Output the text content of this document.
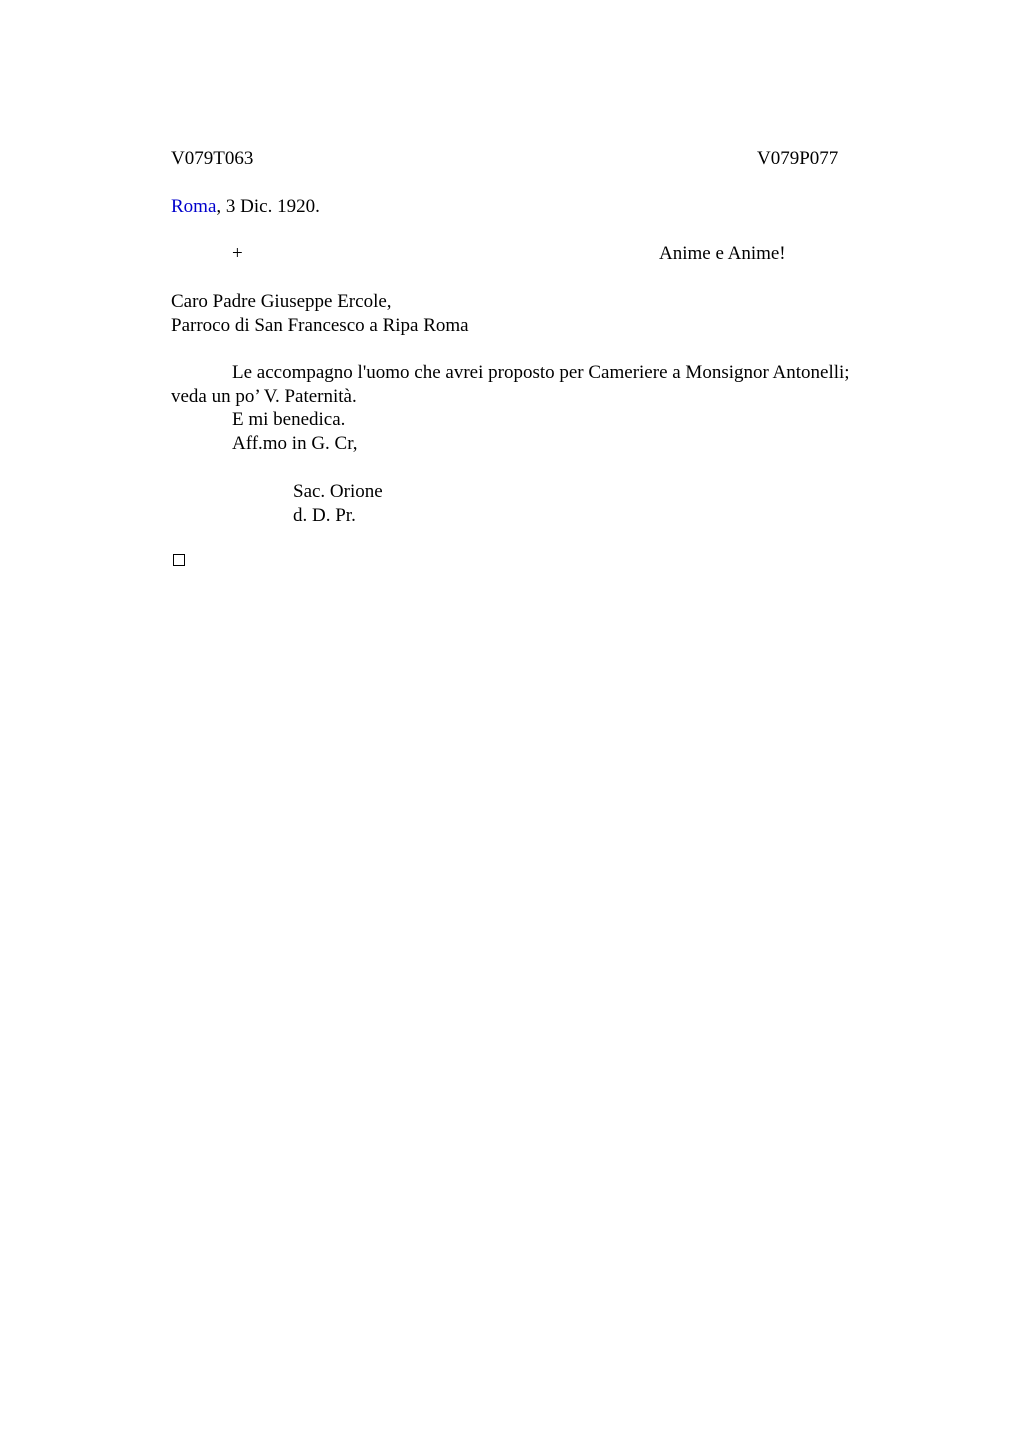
V079T063	V079P077
Roma, 3 Dic. 1920.
+	Anime e Anime!
Caro Padre Giuseppe Ercole,
Parroco di San Francesco a Ripa Roma
Le accompagno l'uomo che avrei proposto per Cameriere a Monsignor Antonelli;
veda un po’ V. Paternità.
E mi benedica.
Aff.mo in G. Cr,
Sac. Orione
d. D. Pr.
